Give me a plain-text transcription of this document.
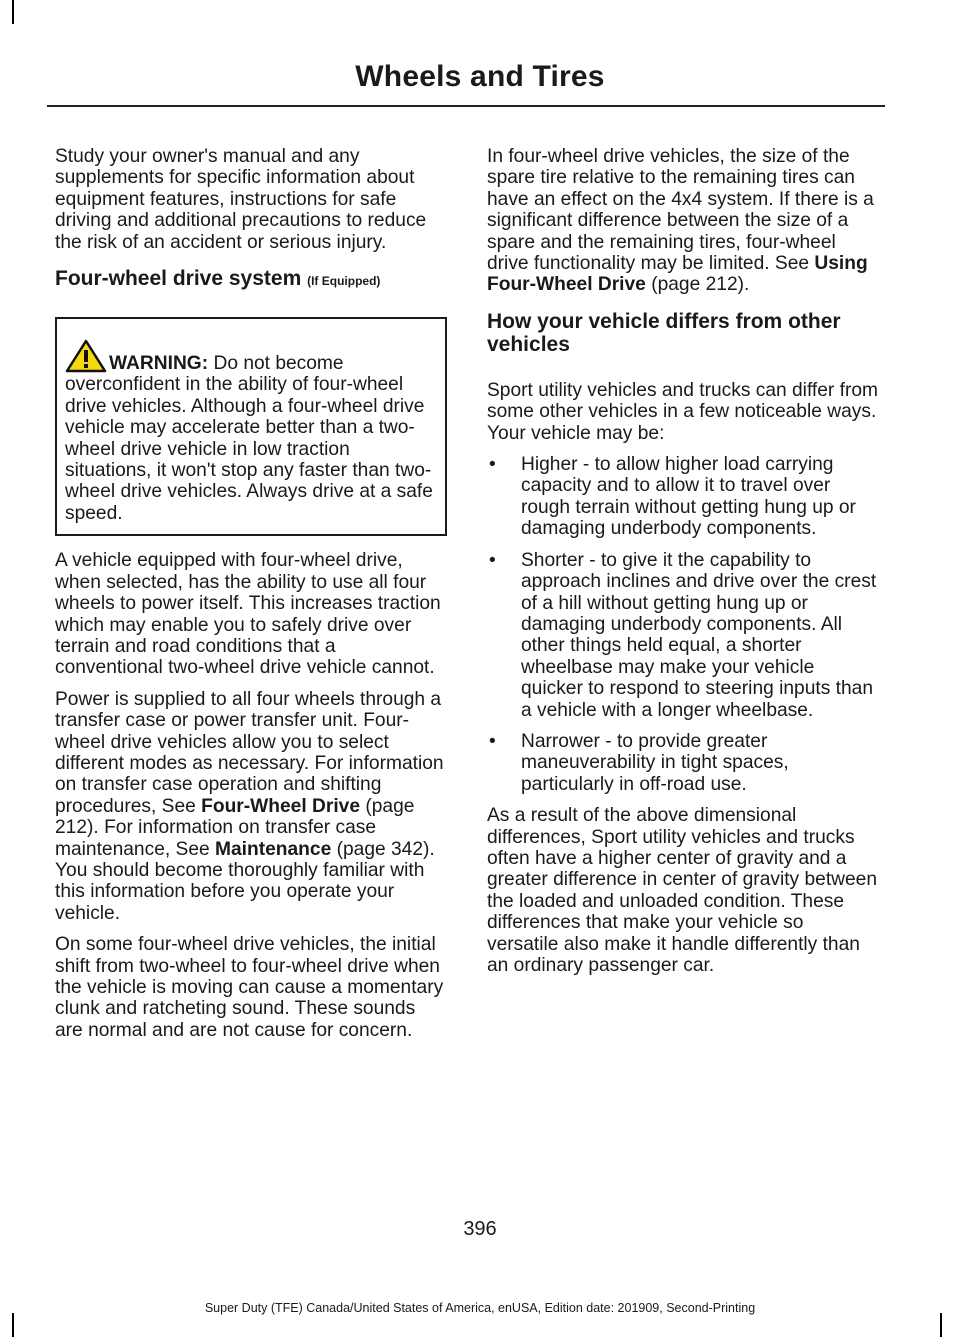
Wheels and Tires

Study your owner's manual and any supplements for specific information about equipment features, instructions for safe driving and additional precautions to reduce the risk of an accident or serious injury.

Four-wheel drive system (If Equipped)
WARNING: Do not become overconfident in the ability of four-wheel drive vehicles. Although a four-wheel drive vehicle may accelerate better than a two-wheel drive vehicle in low traction situations, it won't stop any faster than two-wheel drive vehicles. Always drive at a safe speed.

A vehicle equipped with four-wheel drive, when selected, has the ability to use all four wheels to power itself. This increases traction which may enable you to safely drive over terrain and road conditions that a conventional two-wheel drive vehicle cannot.

Power is supplied to all four wheels through a transfer case or power transfer unit. Four-wheel drive vehicles allow you to select different modes as necessary. For information on transfer case operation and shifting procedures, See Four-Wheel Drive (page 212). For information on transfer case maintenance, See Maintenance (page 342). You should become thoroughly familiar with this information before you operate your vehicle.

On some four-wheel drive vehicles, the initial shift from two-wheel to four-wheel drive when the vehicle is moving can cause a momentary clunk and ratcheting sound. These sounds are normal and are not cause for concern.

In four-wheel drive vehicles, the size of the spare tire relative to the remaining tires can have an effect on the 4x4 system. If there is a significant difference between the size of a spare and the remaining tires, four-wheel drive functionality may be limited. See Using Four-Wheel Drive (page 212).

How your vehicle differs from other vehicles

Sport utility vehicles and trucks can differ from some other vehicles in a few noticeable ways. Your vehicle may be:

• Higher - to allow higher load carrying capacity and to allow it to travel over rough terrain without getting hung up or damaging underbody components.
• Shorter - to give it the capability to approach inclines and drive over the crest of a hill without getting hung up or damaging underbody components. All other things held equal, a shorter wheelbase may make your vehicle quicker to respond to steering inputs than a vehicle with a longer wheelbase.
• Narrower - to provide greater maneuverability in tight spaces, particularly in off-road use.

As a result of the above dimensional differences, Sport utility vehicles and trucks often have a higher center of gravity and a greater difference in center of gravity between the loaded and unloaded condition. These differences that make your vehicle so versatile also make it handle differently than an ordinary passenger car.

396
Super Duty (TFE) Canada/United States of America, enUSA, Edition date: 201909, Second-Printing
